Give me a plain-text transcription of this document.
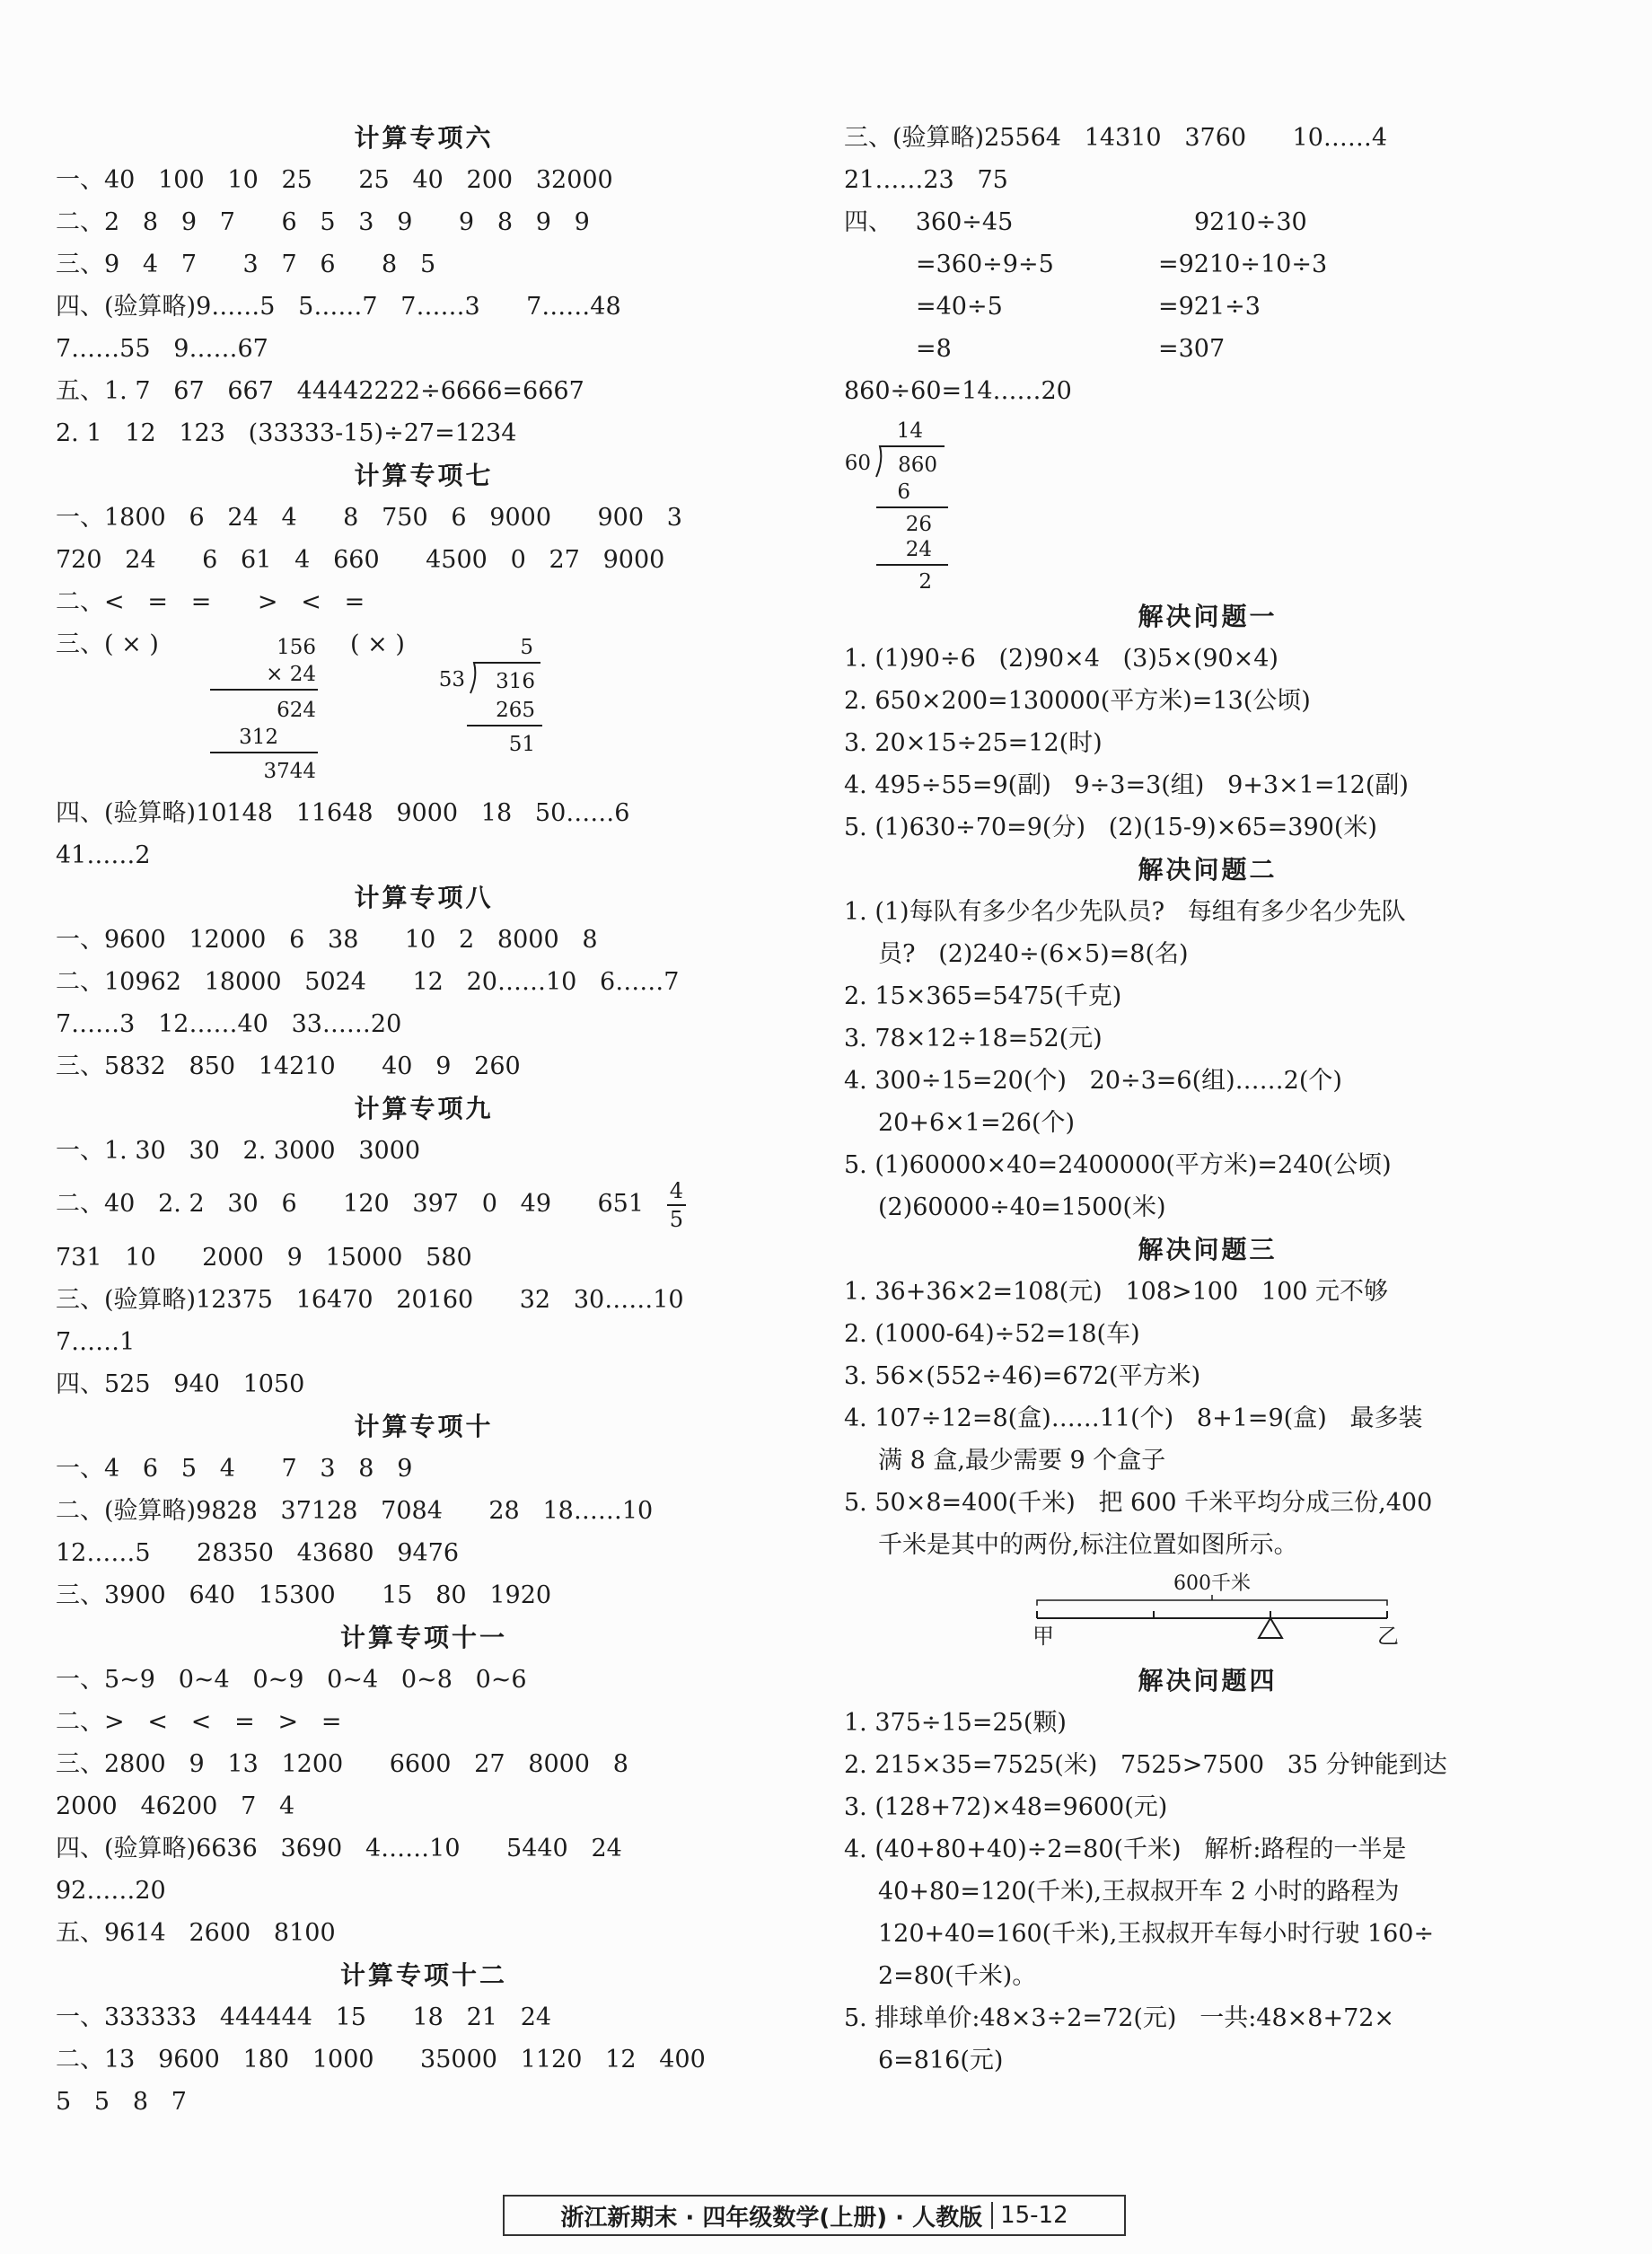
计算专项六
一、40   100   10   25      25   40   200   32000
二、2   8   9   7      6   5   3   9      9   8   9   9
三、9   4   7      3   7   6      8   5
四、(验算略)9……5   5……7   7……3      7……48
7……55   9……67
五、1. 7   67   667   44442222÷6666=6667
2. 1   12   123   (33333-15)÷27=1234
计算专项七
一、1800   6   24   4      8   750   6   9000      900   3
720   24      6   61   4   660      4500   0   27   9000
二、<   =   =      >   <   =
三、( × )	( × )
156
× 24
624
312
3744
5
53 316
265
51
四、(验算略)10148   11648   9000   18   50……6
41……2
计算专项八
一、9600   12000   6   38      10   2   8000   8
二、10962   18000   5024      12   20……10   6……7
7……3   12……40   33……20
三、5832   850   14210      40   9   260
计算专项九
一、1. 30   30   2. 3000   3000
二、40   2. 2   30   6      120   397   0   49      $651 \frac{4}{5}$
731   10      2000   9   15000   580
三、(验算略)12375   16470   20160      32   30……10
7……1
四、525   940   1050
计算专项十
一、4   6   5   4      7   3   8   9
二、(验算略)9828   37128   7084      28   18……10
12……5      28350   43680   9476
三、3900   640   15300      15   80   1920
计算专项十一
一、5~9   0~4   0~9   0~4   0~8   0~6
二、>   <   <   =   >   =
三、2800   9   13   1200      6600   27   8000   8
2000   46200   7   4
四、(验算略)6636   3690   4……10      5440   24
92……20
五、9614   2600   8100
计算专项十二
一、333333   444444   15      18   21   24
二、13   9600   180   1000      35000   1120   12   400
5   5   8   7
三、(验算略)25564   14310   3760      10……4
21……23   75
四、   360÷45	9210÷30
=360÷9÷5	=9210÷10÷3
=40÷5	=921÷3
=8	=307
860÷60=14……20
14
60 860
6
26
24
2
解决问题一
1. (1)90÷6   (2)90×4   (3)5×(90×4)
2. 650×200=130000(平方米)=13(公顷)
3. 20×15÷25=12(时)
4. 495÷55=9(副)   9÷3=3(组)   9+3×1=12(副)
5. (1)630÷70=9(分)   (2)(15-9)×65=390(米)
解决问题二
1. (1)每队有多少名少先队员?   每组有多少名少先队
员?   (2)240÷(6×5)=8(名)
2. 15×365=5475(千克)
3. 78×12÷18=52(元)
4. 300÷15=20(个)   20÷3=6(组)……2(个)
20+6×1=26(个)
5. (1)60000×40=2400000(平方米)=240(公顷)
(2)60000÷40=1500(米)
解决问题三
1. 36+36×2=108(元)   108>100   100 元不够
2. (1000-64)÷52=18(车)
3. 56×(552÷46)=672(平方米)
4. 107÷12=8(盒)……11(个)   8+1=9(盒)   最多装
满 8 盒,最少需要 9 个盒子
5. 50×8=400(千米)   把 600 千米平均分成三份,400
千米是其中的两份,标注位置如图所示。
600千米
甲	乙
解决问题四
1. 375÷15=25(颗)
2. 215×35=7525(米)   7525>7500   35 分钟能到达
3. (128+72)×48=9600(元)
4. (40+80+40)÷2=80(千米)   解析:路程的一半是
40+80=120(千米),王叔叔开车 2 小时的路程为
120+40=160(千米),王叔叔开车每小时行驶 160÷
2=80(千米)。
5. 排球单价:48×3÷2=72(元)   一共:48×8+72×
6=816(元)
浙江新期末 · 四年级数学(上册) · 人教版 15-12
